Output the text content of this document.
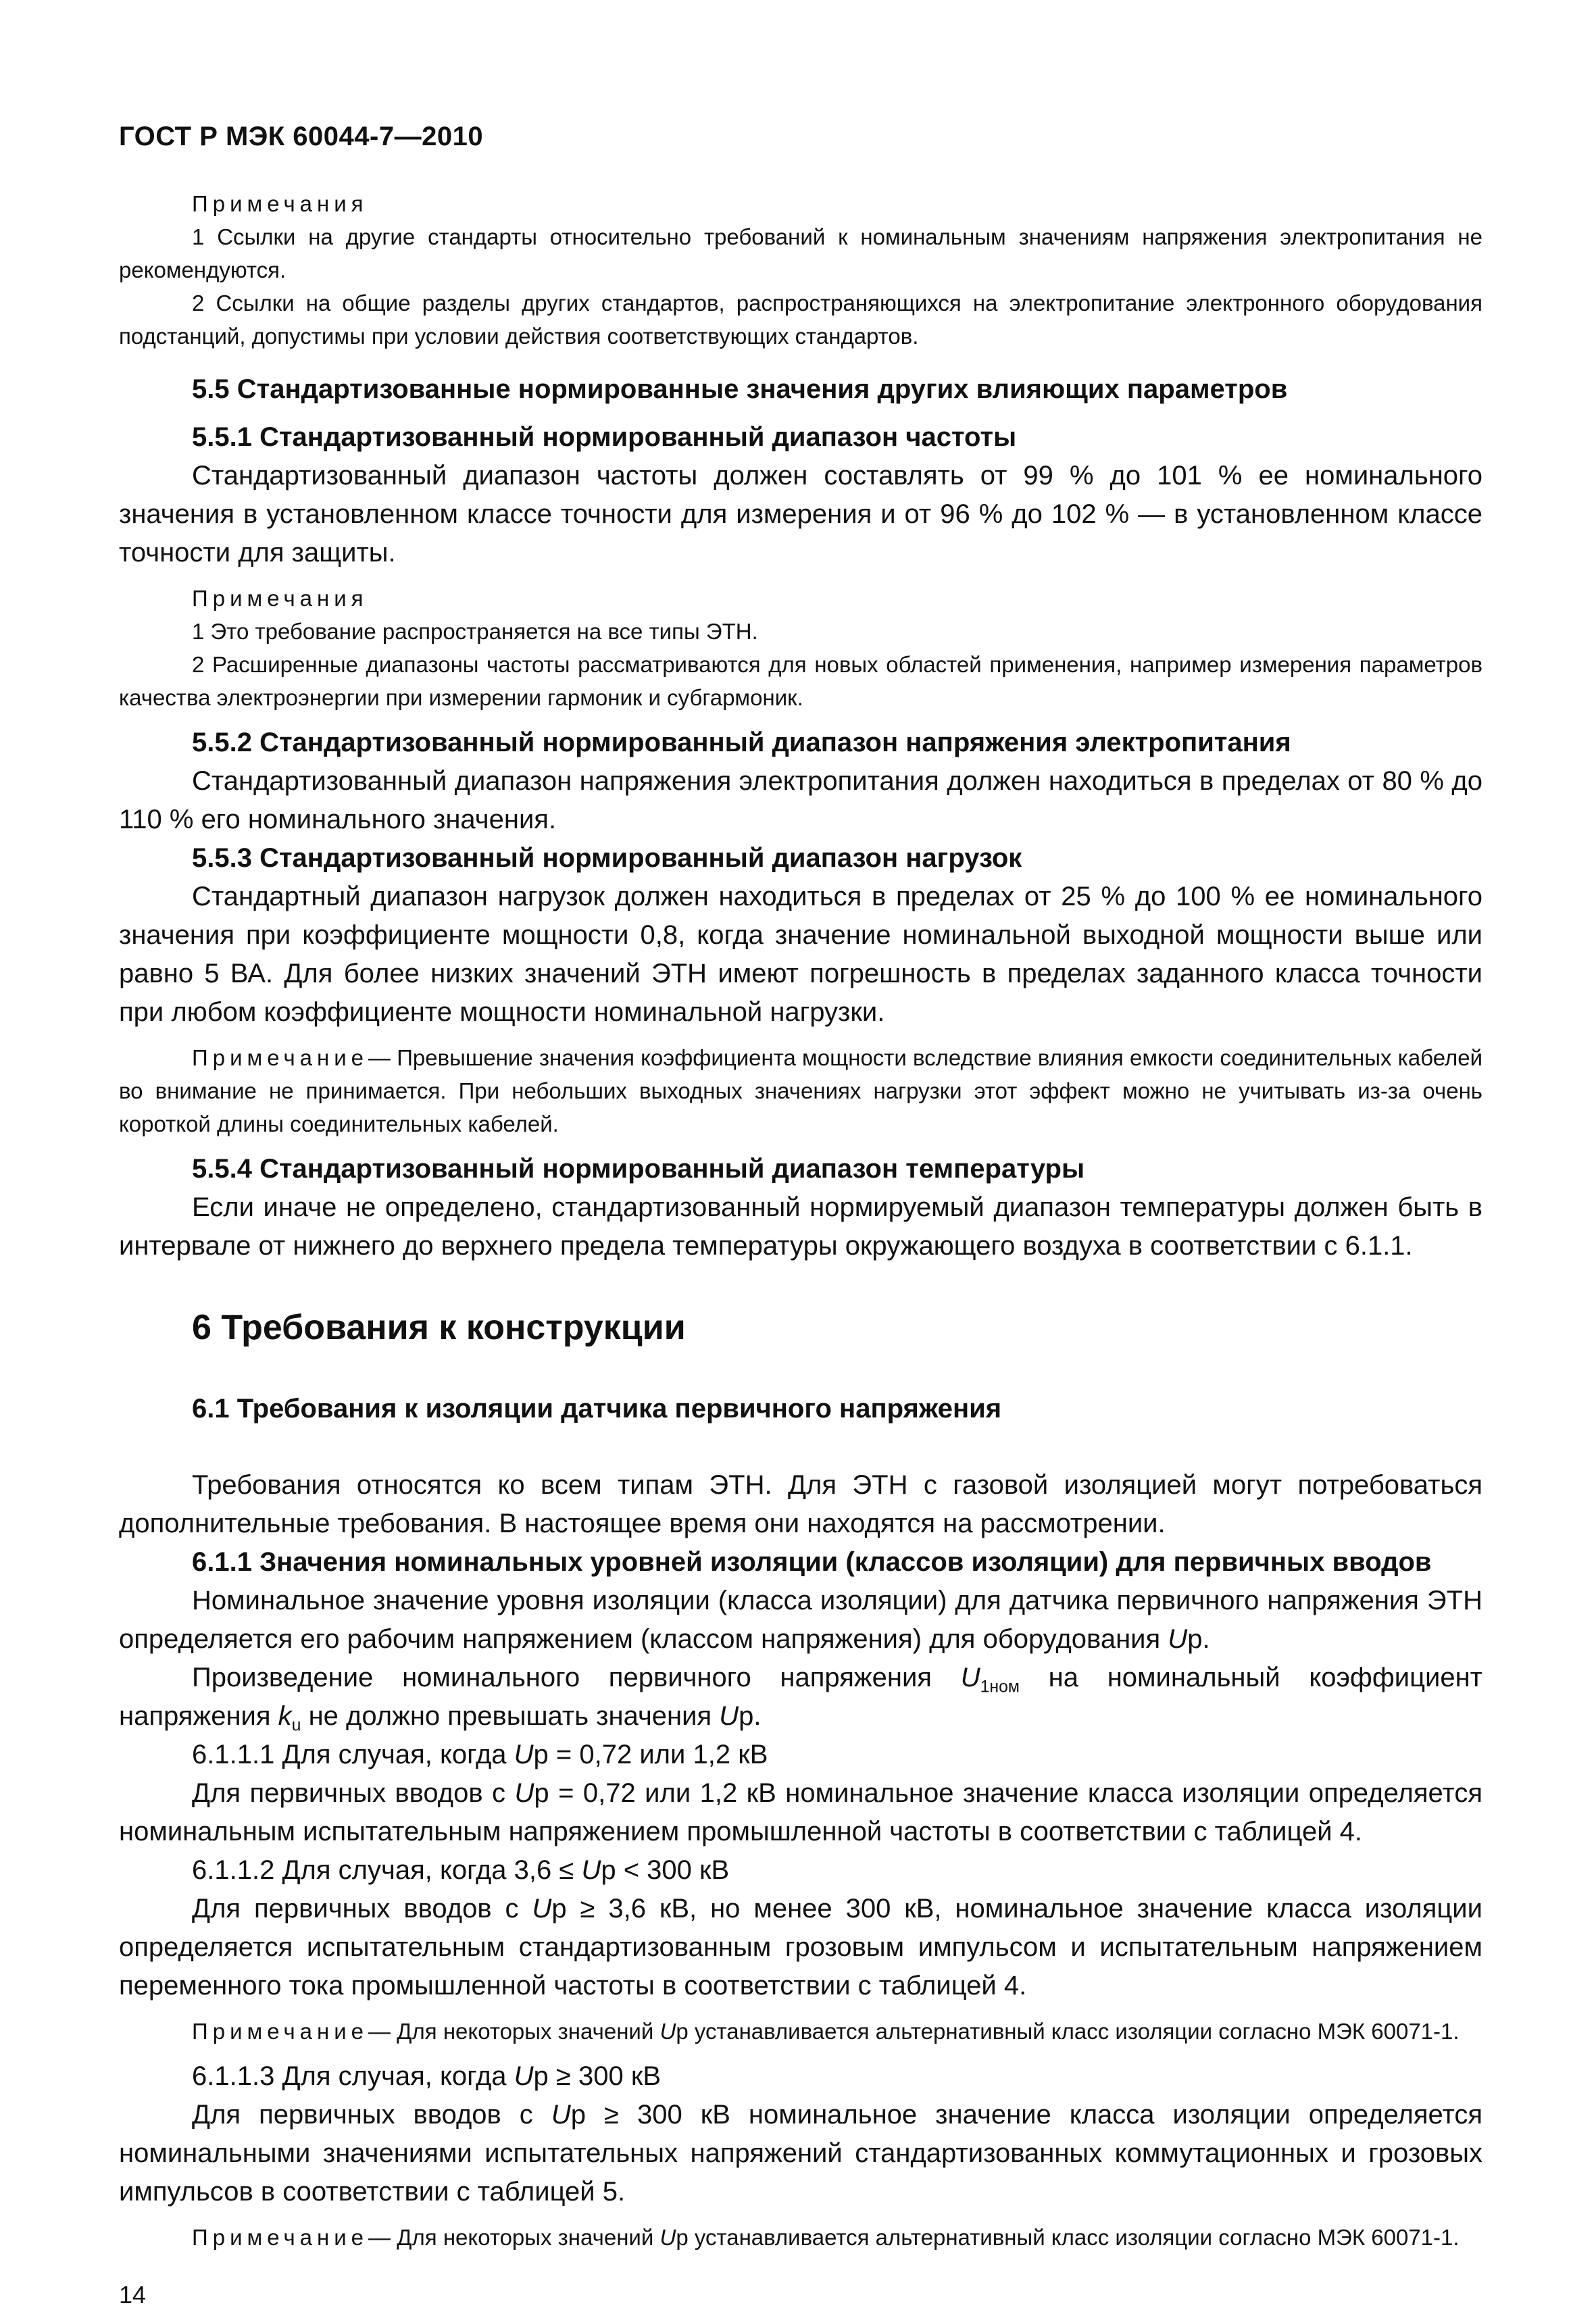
ГОСТ Р МЭК 60044-7—2010

Примечания

1 Ссылки на другие стандарты относительно требований к номинальным значениям напряжения электропитания не рекомендуются.

2 Ссылки на общие разделы других стандартов, распространяющихся на электропитание электронного оборудования подстанций, допустимы при условии действия соответствующих стандартов.

5.5 Стандартизованные нормированные значения других влияющих параметров

5.5.1 Стандартизованный нормированный диапазон частоты

Стандартизованный диапазон частоты должен составлять от 99 % до 101 % ее номинального значения в установленном классе точности для измерения и от 96 % до 102 % — в установленном классе точности для защиты.

Примечания

1 Это требование распространяется на все типы ЭТН.

2 Расширенные диапазоны частоты рассматриваются для новых областей применения, например измерения параметров качества электроэнергии при измерении гармоник и субгармоник.

5.5.2 Стандартизованный нормированный диапазон напряжения электропитания

Стандартизованный диапазон напряжения электропитания должен находиться в пределах от 80 % до 110 % его номинального значения.

5.5.3 Стандартизованный нормированный диапазон нагрузок

Стандартный диапазон нагрузок должен находиться в пределах от 25 % до 100 % ее номинального значения при коэффициенте мощности 0,8, когда значение номинальной выходной мощности выше или равно 5 ВА. Для более низких значений ЭТН имеют погрешность в пределах заданного класса точности при любом коэффициенте мощности номинальной нагрузки.

Примечание— Превышение значения коэффициента мощности вследствие влияния емкости соединительных кабелей во внимание не принимается. При небольших выходных значениях нагрузки этот эффект можно не учитывать из-за очень короткой длины соединительных кабелей.

5.5.4 Стандартизованный нормированный диапазон температуры

Если иначе не определено, стандартизованный нормируемый диапазон температуры должен быть в интервале от нижнего до верхнего предела температуры окружающего воздуха в соответствии с 6.1.1.

6 Требования к конструкции

6.1 Требования к изоляции датчика первичного напряжения

Требования относятся ко всем типам ЭТН. Для ЭТН с газовой изоляцией могут потребоваться дополнительные требования. В настоящее время они находятся на рассмотрении.

6.1.1 Значения номинальных уровней изоляции (классов изоляции) для первичных вводов

Номинальное значение уровня изоляции (класса изоляции) для датчика первичного напряжения ЭТН определяется его рабочим напряжением (классом напряжения) для оборудования Up.

Произведение номинального первичного напряжения $U_{1ном}$ на номинальный коэффициент напряжения $k_u$ не должно превышать значения Up.

6.1.1.1 Для случая, когда Up = 0,72 или 1,2 кВ

Для первичных вводов с Up = 0,72 или 1,2 кВ номинальное значение класса изоляции определяется номинальным испытательным напряжением промышленной частоты в соответствии с таблицей 4.

6.1.1.2 Для случая, когда 3,6 ≤ Up < 300 кВ

Для первичных вводов с Up ≥ 3,6 кВ, но менее 300 кВ, номинальное значение класса изоляции определяется испытательным стандартизованным грозовым импульсом и испытательным напряжением переменного тока промышленной частоты в соответствии с таблицей 4.

Примечание— Для некоторых значений Up устанавливается альтернативный класс изоляции согласно МЭК 60071-1.

6.1.1.3 Для случая, когда Up ≥ 300 кВ

Для первичных вводов с Up ≥ 300 кВ номинальное значение класса изоляции определяется номинальными значениями испытательных напряжений стандартизованных коммутационных и грозовых импульсов в соответствии с таблицей 5.

Примечание— Для некоторых значений Up устанавливается альтернативный класс изоляции согласно МЭК 60071-1.

14
